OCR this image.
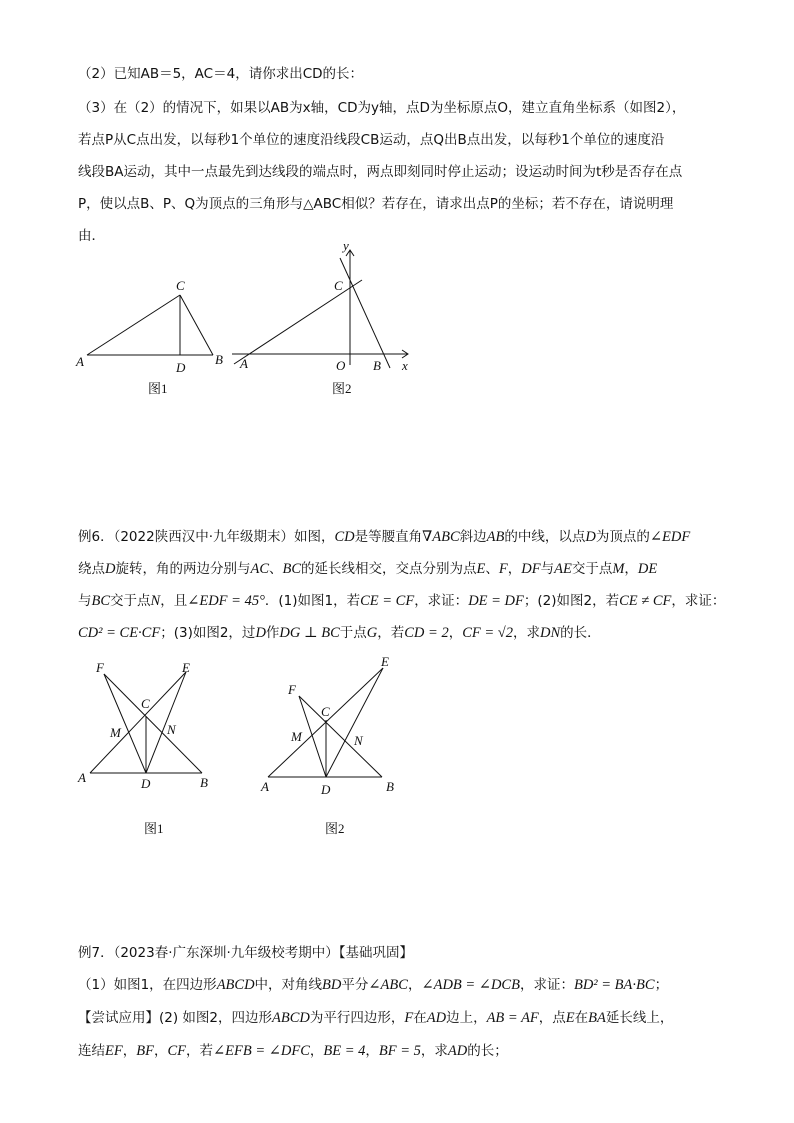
（2）已知AB＝5，AC＝4，请你求出CD的长：

（3）在（2）的情况下，如果以AB为x轴，CD为y轴，点D为坐标原点O，建立直角坐标系（如图2），

若点P从C点出发，以每秒1个单位的速度沿线段CB运动，点Q出B点出发，以每秒1个单位的速度沿

线段BA运动，其中一点最先到达线段的端点时，两点即刻同时停止运动；设运动时间为t秒是否存在点

P，使以点B、P、Q为顶点的三角形与△ABC相似？若存在，请求出点P的坐标；若不存在，请说明理

由．

A
C
D
B
图1
y
C
A	O B x
图2

例6．（2022陕西汉中·九年级期末）如图，CD是等腰直角∇ABC斜边AB的中线，以点D为顶点的∠EDF

绕点D旋转，角的两边分别与AC、BC的延长线相交，交点分别为点E、F，DF与AE交于点M，DE

与BC交于点N，且∠EDF = 45°．(1)如图1，若CE = CF，求证：DE = DF；(2)如图2，若CE ≠ CF，求证：

CD² = CE·CF；(3)如图2，过D作DG ⊥ BC于点G，若CD = 2，CF = √2，求DN的长．

A	D	B
F	E
C
M	N
图1
A	D	B
F
E
C
M	N
图2

例7．（2023春·广东深圳·九年级校考期中）【基础巩固】

（1）如图1，在四边形ABCD中，对角线BD平分∠ABC，∠ADB = ∠DCB，求证：BD² = BA·BC；

【尝试应用】(2) 如图2，四边形ABCD为平行四边形，F在AD边上，AB = AF，点E在BA延长线上，

连结EF，BF，CF，若∠EFB = ∠DFC，BE = 4，BF = 5，求AD的长；
